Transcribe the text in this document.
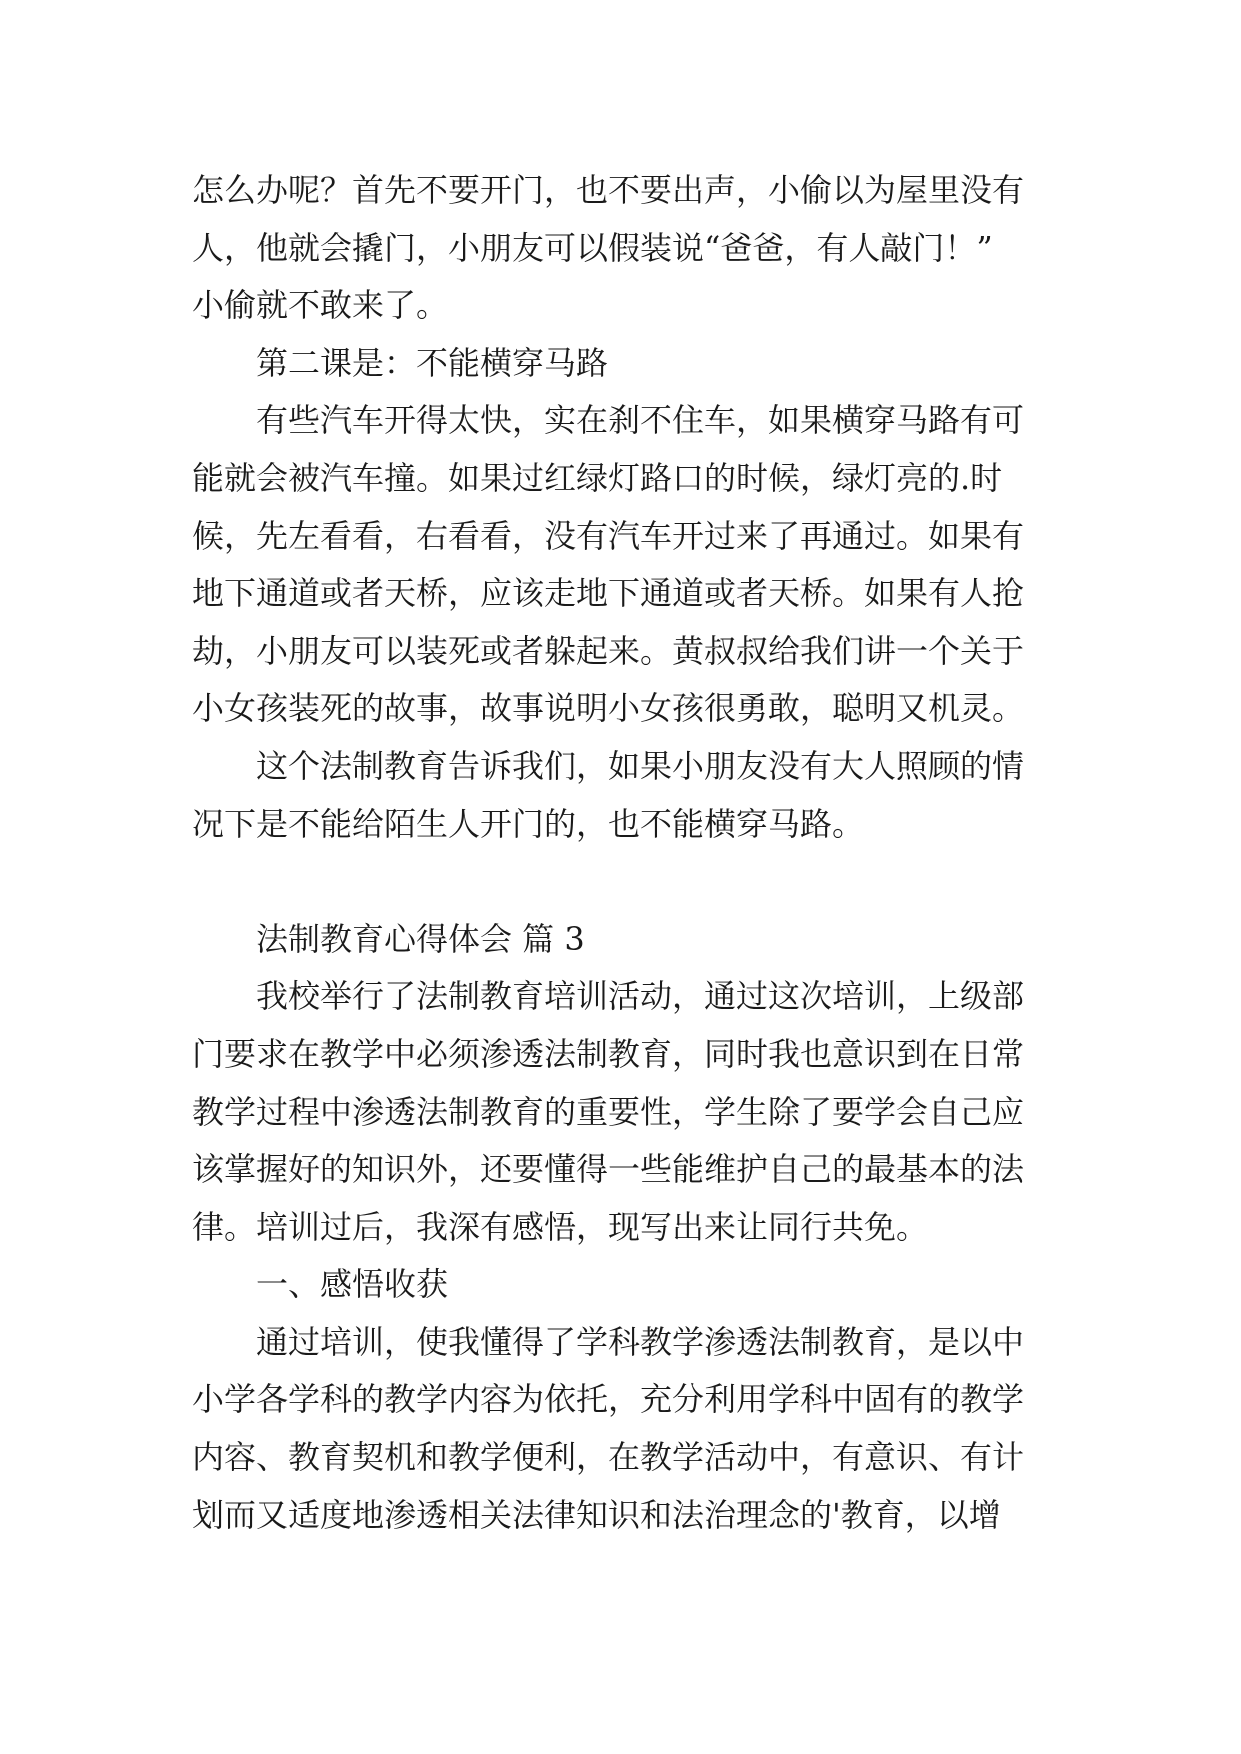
怎么办呢？首先不要开门，也不要出声，小偷以为屋里没有

人，他就会撬门，小朋友可以假装说“爸爸，有人敲门！”

小偷就不敢来了。

第二课是：不能横穿马路

有些汽车开得太快，实在刹不住车，如果横穿马路有可

能就会被汽车撞。如果过红绿灯路口的时候，绿灯亮的.时

候，先左看看，右看看，没有汽车开过来了再通过。如果有

地下通道或者天桥，应该走地下通道或者天桥。如果有人抢

劫，小朋友可以装死或者躲起来。黄叔叔给我们讲一个关于

小女孩装死的故事，故事说明小女孩很勇敢，聪明又机灵。

这个法制教育告诉我们，如果小朋友没有大人照顾的情

况下是不能给陌生人开门的，也不能横穿马路。

法制教育心得体会 篇 3

我校举行了法制教育培训活动，通过这次培训，上级部

门要求在教学中必须渗透法制教育，同时我也意识到在日常

教学过程中渗透法制教育的重要性，学生除了要学会自己应

该掌握好的知识外，还要懂得一些能维护自己的最基本的法

律。培训过后，我深有感悟，现写出来让同行共免。

一、感悟收获

通过培训，使我懂得了学科教学渗透法制教育，是以中

小学各学科的教学内容为依托，充分利用学科中固有的教学

内容、教育契机和教学便利，在教学活动中，有意识、有计

划而又适度地渗透相关法律知识和法治理念的'教育，以增
